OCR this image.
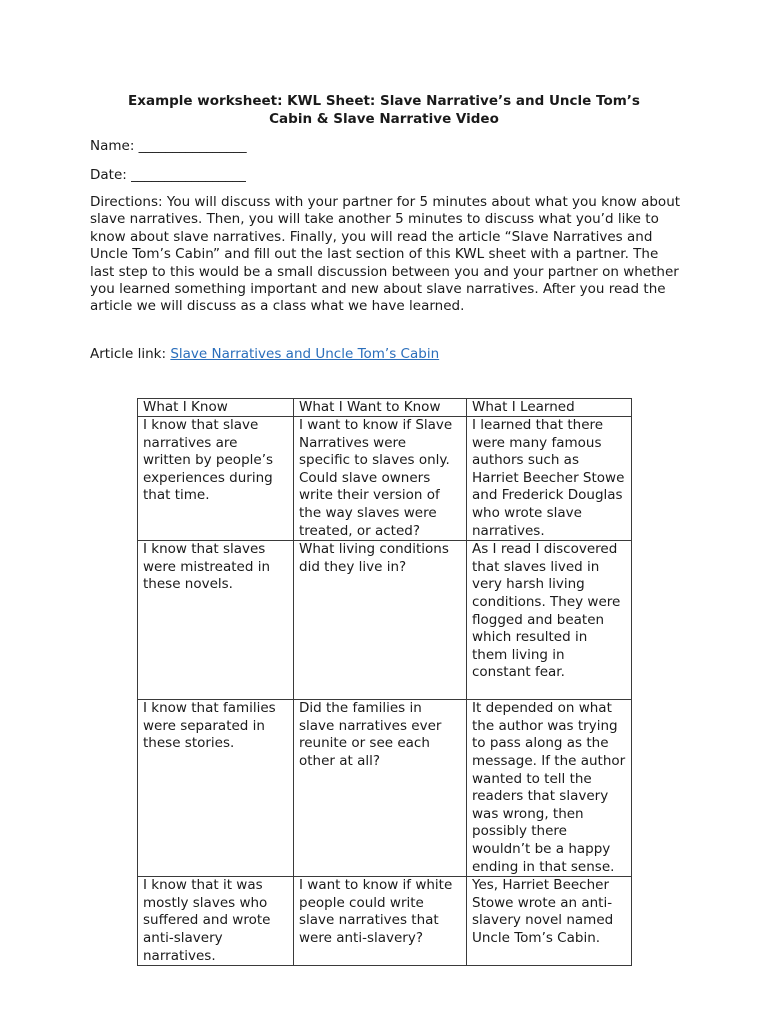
Example worksheet: KWL Sheet: Slave Narrative’s and Uncle Tom’s
Cabin & Slave Narrative Video
Name: ________________
Date: _________________
Directions: You will discuss with your partner for 5 minutes about what you know about slave narratives. Then, you will take another 5 minutes to discuss what you’d like to know about slave narratives. Finally, you will read the article “Slave Narratives and Uncle Tom’s Cabin” and fill out the last section of this KWL sheet with a partner. The last step to this would be a small discussion between you and your partner on whether you learned something important and new about slave narratives. After you read the article we will discuss as a class what we have learned.
Article link: Slave Narratives and Uncle Tom’s Cabin
What I Know	What I Want to Know	What I Learned
I know that slave narratives are written by people’s experiences during that time.	I want to know if Slave Narratives were specific to slaves only. Could slave owners write their version of the way slaves were treated, or acted?	I learned that there were many famous authors such as Harriet Beecher Stowe and Frederick Douglas who wrote slave narratives.
I know that slaves were mistreated in these novels.	What living conditions did they live in?	As I read I discovered that slaves lived in very harsh living conditions. They were flogged and beaten which resulted in them living in constant fear.
I know that families were separated in these stories.	Did the families in slave narratives ever reunite or see each other at all?	It depended on what the author was trying to pass along as the message. If the author wanted to tell the readers that slavery was wrong, then possibly there wouldn’t be a happy ending in that sense.
I know that it was mostly slaves who suffered and wrote anti-slavery narratives.	I want to know if white people could write slave narratives that were anti-slavery?	Yes, Harriet Beecher Stowe wrote an anti-slavery novel named Uncle Tom’s Cabin.
